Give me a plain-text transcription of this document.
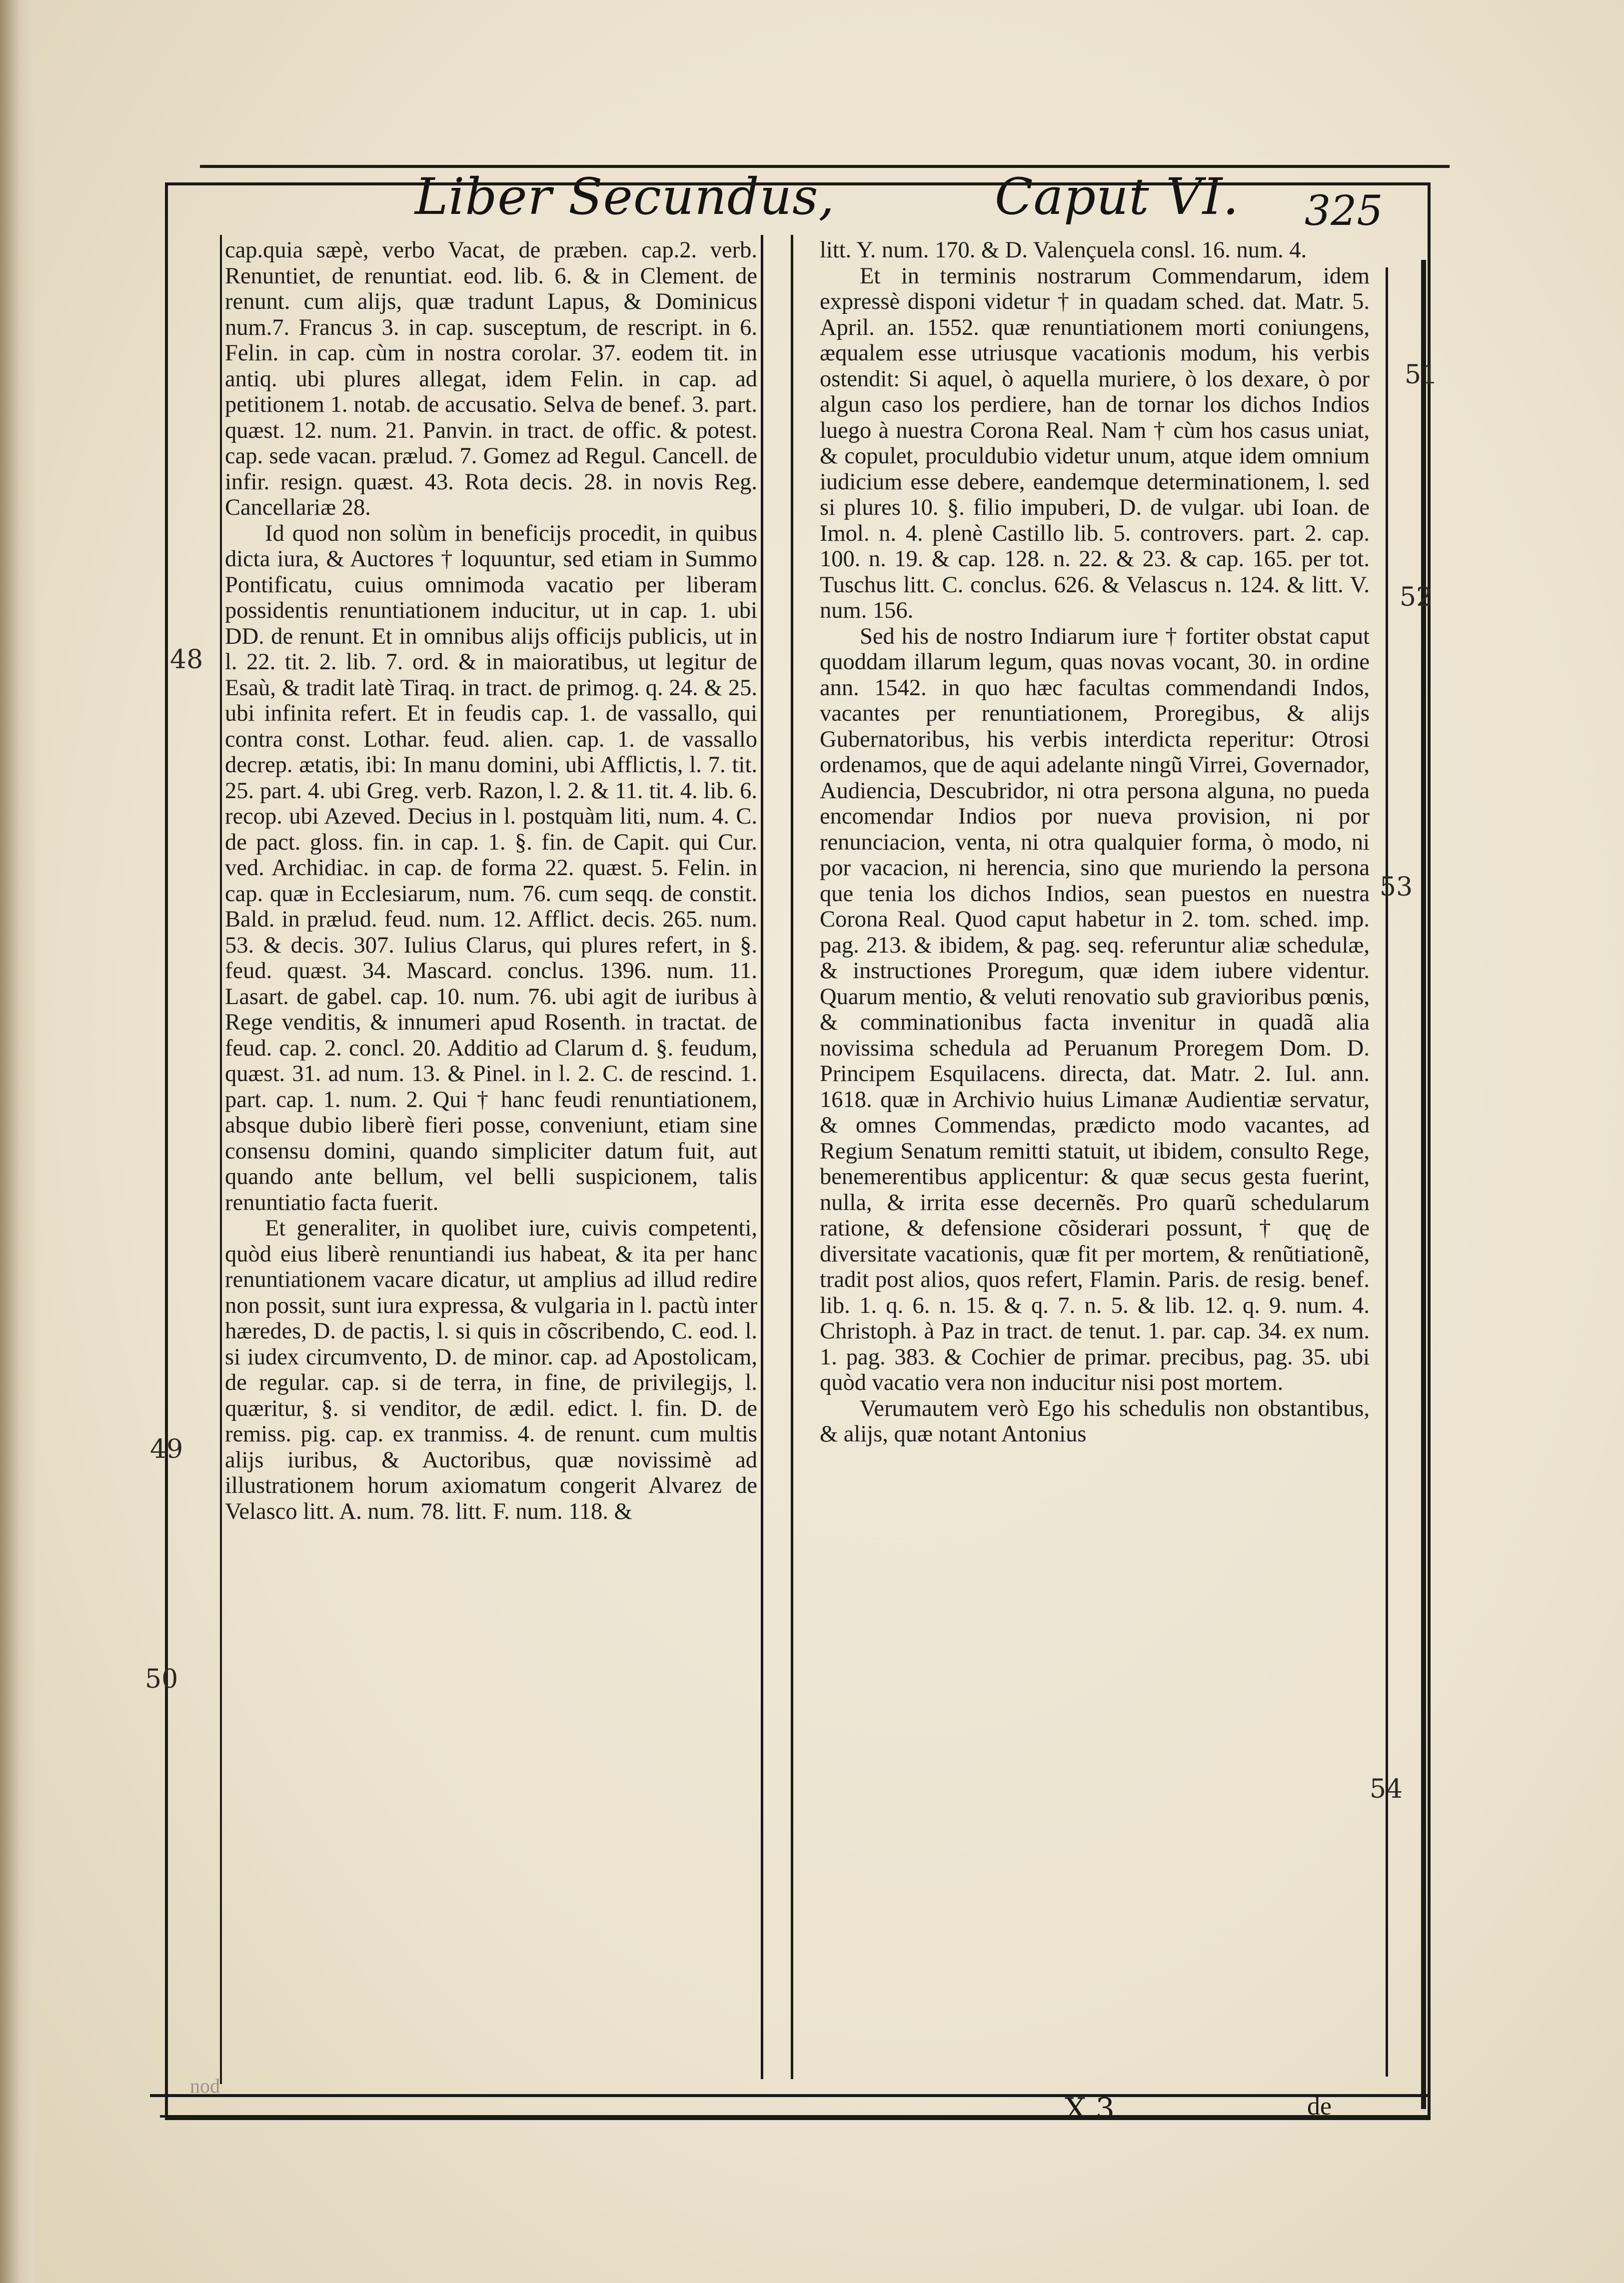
Liber Secundus,	Caput VI. 325

cap.quia sæpè, verbo Vacat, de præben. cap.2. verb. Renuntiet, de renuntiat. eod. lib. 6. & in Clement. de renunt. cum alijs, quæ tradunt Lapus, & Dominicus num.7. Francus 3. in cap. susceptum, de rescript. in 6. Felin. in cap. cùm in nostra corolar. 37. eodem tit. in antiq. ubi plures allegat, idem Felin. in cap. ad petitionem 1. notab. de accusatio. Selva de benef. 3. part. quæst. 12. num. 21. Panvin. in tract. de offic. & potest. cap. sede vacan. prælud. 7. Gomez ad Regul. Cancell. de infir. resign. quæst. 43. Rota decis. 28. in novis Reg. Cancellariæ 28.

Id quod non solùm in beneficijs procedit, in quibus dicta iura, & Auctores † loquuntur, sed etiam in Summo Pontificatu, cuius omnimoda vacatio per liberam possidentis renuntiationem inducitur, ut in cap. 1. ubi DD. de renunt. Et in omnibus alijs officijs publicis, ut in l. 22. tit. 2. lib. 7. ord. & in maioratibus, ut legitur de Esaù, & tradit latè Tiraq. in tract. de primog. q. 24. & 25. ubi infinita refert. Et in feudis cap. 1. de vassallo, qui contra const. Lothar. feud. alien. cap. 1. de vassallo decrep. ætatis, ibi: In manu domini, ubi Afflictis, l. 7. tit. 25. part. 4. ubi Greg. verb. Razon, l. 2. & 11. tit. 4. lib. 6. recop. ubi Azeved. Decius in l. postquàm liti, num. 4. C. de pact. gloss. fin. in cap. 1. §. fin. de Capit. qui Cur. ved. Archidiac. in cap. de forma 22. quæst. 5. Felin. in cap. quæ in Ecclesiarum, num. 76. cum seqq. de constit. Bald. in prælud. feud. num. 12. Afflict. decis. 265. num. 53. & decis. 307. Iulius Clarus, qui plures refert, in §. feud. quæst. 34. Mascard. conclus. 1396. num. 11. Lasart. de gabel. cap. 10. num. 76. ubi agit de iuribus à Rege venditis, & innumeri apud Rosenth. in tractat. de feud. cap. 2. concl. 20. Additio ad Clarum d. §. feudum, quæst. 31. ad num. 13. & Pinel. in l. 2. C. de rescind. 1. part. cap. 1. num. 2. Qui † hanc feudi renuntiationem, absque dubio liberè fieri posse, conveniunt, etiam sine consensu domini, quando simpliciter datum fuit, aut quando ante bellum, vel belli suspicionem, talis renuntiatio facta fuerit.

Et generaliter, in quolibet iure, cuivis competenti, quòd eius liberè renuntiandi ius habeat, & ita per hanc renuntiationem vacare dicatur, ut amplius ad illud redire non possit, sunt iura expressa, & vulgaria in l. pactù inter hæredes, D. de pactis, l. si quis in cõscribendo, C. eod. l. si iudex circumvento, D. de minor. cap. ad Apostolicam, de regular. cap. si de terra, in fine, de privilegijs, l. quæritur, §. si venditor, de ædil. edict. l. fin. D. de remiss. pig. cap. ex tranmiss. 4. de renunt. cum multis alijs iuribus, & Auctoribus, quæ novissimè ad illustrationem horum axiomatum congerit Alvarez de Velasco litt. A. num. 78. litt. F. num. 118. &

litt. Y. num. 170. & D. Valençuela consl. 16. num. 4.

Et in terminis nostrarum Commendarum, idem expressè disponi videtur † in quadam sched. dat. Matr. 5. April. an. 1552. quæ renuntiationem morti coniungens, æqualem esse utriusque vacationis modum, his verbis ostendit: Si aquel, ò aquella muriere, ò los dexare, ò por algun caso los perdiere, han de tornar los dichos Indios luego à nuestra Corona Real. Nam † cùm hos casus uniat, & copulet, proculdubio videtur unum, atque idem omnium iudicium esse debere, eandemque determinationem, l. sed si plures 10. §. filio impuberi, D. de vulgar. ubi Ioan. de Imol. n. 4. plenè Castillo lib. 5. controvers. part. 2. cap. 100. n. 19. & cap. 128. n. 22. & 23. & cap. 165. per tot. Tuschus litt. C. conclus. 626. & Velascus n. 124. & litt. V. num. 156.

Sed his de nostro Indiarum iure † fortiter obstat caput quoddam illarum legum, quas novas vocant, 30. in ordine ann. 1542. in quo hæc facultas commendandi Indos, vacantes per renuntiationem, Proregibus, & alijs Gubernatoribus, his verbis interdicta reperitur: Otrosi ordenamos, que de aqui adelante ningũ Virrei, Governador, Audiencia, Descubridor, ni otra persona alguna, no pueda encomendar Indios por nueva provision, ni por renunciacion, venta, ni otra qualquier forma, ò modo, ni por vacacion, ni herencia, sino que muriendo la persona que tenia los dichos Indios, sean puestos en nuestra Corona Real. Quod caput habetur in 2. tom. sched. imp. pag. 213. & ibidem, & pag. seq. referuntur aliæ schedulæ, & instructiones Proregum, quæ idem iubere videntur. Quarum mentio, & veluti renovatio sub gravioribus pœnis, & comminationibus facta invenitur in quadã alia novissima schedula ad Peruanum Proregem Dom. D. Principem Esquilacens. directa, dat. Matr. 2. Iul. ann. 1618. quæ in Archivio huius Limanæ Audientiæ servatur, & omnes Commendas, prædicto modo vacantes, ad Regium Senatum remitti statuit, ut ibidem, consulto Rege, benemerentibus applicentur: & quæ secus gesta fuerint, nulla, & irrita esse decernẽs. Pro quarũ schedularum ratione, & defensione cõsiderari possunt, † quę de diversitate vacationis, quæ fit per mortem, & renũtiationẽ, tradit post alios, quos refert, Flamin. Paris. de resig. benef. lib. 1. q. 6. n. 15. & q. 7. n. 5. & lib. 12. q. 9. num. 4. Christoph. à Paz in tract. de tenut. 1. par. cap. 34. ex num. 1. pag. 383. & Cochier de primar. precibus, pag. 35. ubi quòd vacatio vera non inducitur nisi post mortem.

Verumautem verò Ego his schedulis non obstantibus, & alijs, quæ notant Antonius

48
49
50
51
52
53
54
X 3	de
nod
